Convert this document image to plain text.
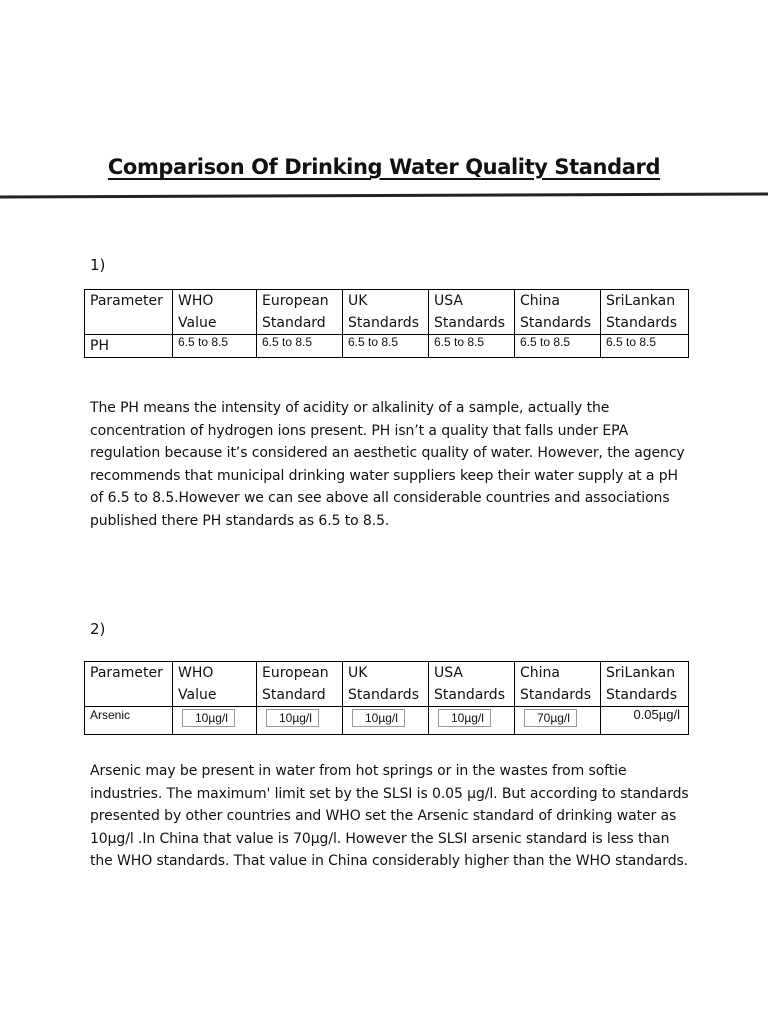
Comparison Of Drinking Water Quality Standard
1)
Parameter	WHO Value	European Standard	UK Standards	USA Standards	China Standards	SriLankan Standards
PH	6.5 to 8.5	6.5 to 8.5	6.5 to 8.5	6.5 to 8.5	6.5 to 8.5	6.5 to 8.5
The PH means the intensity of acidity or alkalinity of a sample, actually the concentration of hydrogen ions present. PH isn’t a quality that falls under EPA regulation because it’s considered an aesthetic quality of water. However, the agency recommends that municipal drinking water suppliers keep their water supply at a pH of 6.5 to 8.5.However we can see above all considerable countries and associations published there PH standards as 6.5 to 8.5.
2)
Parameter	WHO Value	European Standard	UK Standards	USA Standards	China Standards	SriLankan Standards
Arsenic	10µg/l	10µg/l	10µg/l	10µg/l	70µg/l	0.05µg/l
Arsenic may be present in water from hot springs or in the wastes from softie industries. The maximum' limit set by the SLSI is 0.05 µg/l. But according to standards presented by other countries and WHO set the Arsenic standard of drinking water as 10µg/l .In China that value is 70µg/l. However the SLSI arsenic standard is less than the WHO standards. That value in China considerably higher than the WHO standards.
